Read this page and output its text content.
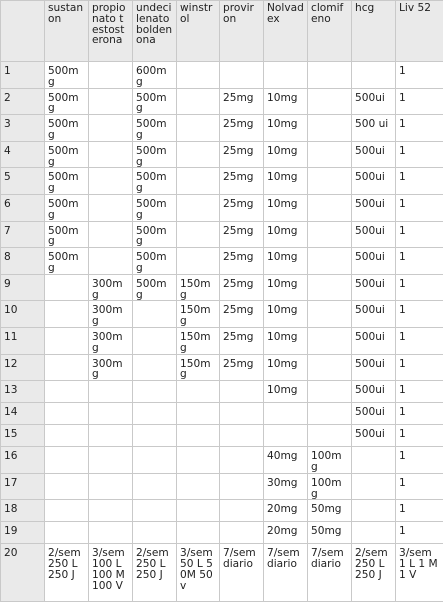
	sustanon	propionato testosterona	undecilenato boldenona	winstrol	proviron	Nolvadex	clomifeno	hcg	Liv 52
1	500mg		600mg						1
2	500mg		500mg		25mg	10mg		500ui	1
3	500mg		500mg		25mg	10mg		500 ui	1
4	500mg		500mg		25mg	10mg		500ui	1
5	500mg		500mg		25mg	10mg		500ui	1
6	500mg		500mg		25mg	10mg		500ui	1
7	500mg		500mg		25mg	10mg		500ui	1
8	500mg		500mg		25mg	10mg		500ui	1
9		300mg	500mg	150mg	25mg	10mg		500ui	1
10		300mg		150mg	25mg	10mg		500ui	1
11		300mg		150mg	25mg	10mg		500ui	1
12		300mg		150mg	25mg	10mg		500ui	1
13						10mg		500ui	1
14								500ui	1
15								500ui	1
16						40mg	100mg		1
17						30mg	100mg		1
18						20mg	50mg		1
19						20mg	50mg		1
20	2/sem 250 L 250 J	3/sem 100 L 100 M 100 V	2/sem 250 L 250 J	3/sem 50 L 50M 50v	7/sem diario	7/sem diario	7/sem diario	2/sem 250 L 250 J	3/sem 1 L 1 M 1 V
